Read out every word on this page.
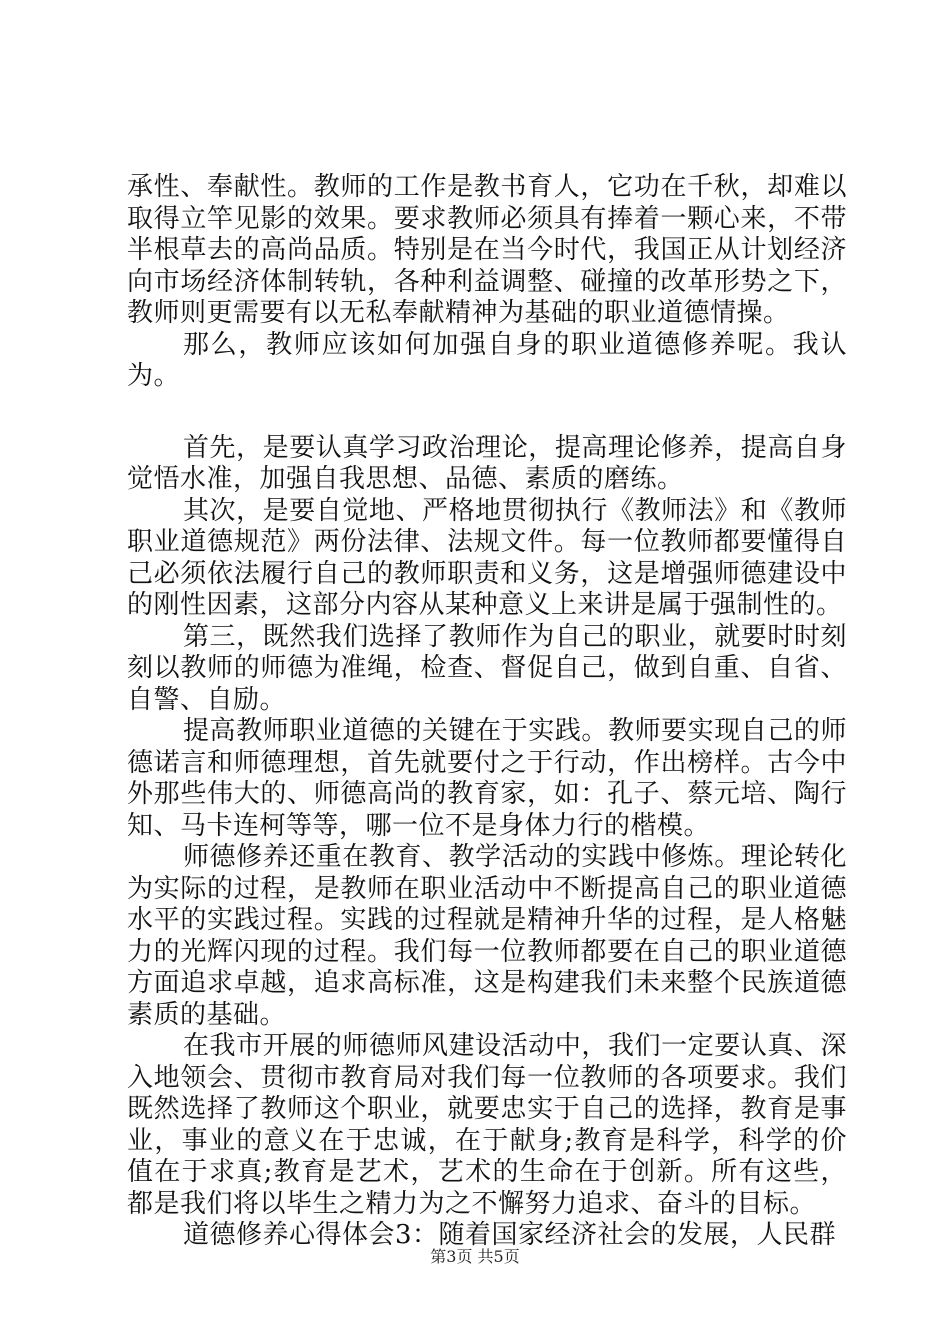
承性、奉献性。教师的工作是教书育人，它功在千秋，却难以取得立竿见影的效果。要求教师必须具有捧着一颗心来，不带半根草去的高尚品质。特别是在当今时代，我国正从计划经济向市场经济体制转轨，各种利益调整、碰撞的改革形势之下，教师则更需要有以无私奉献精神为基础的职业道德情操。

那么，教师应该如何加强自身的职业道德修养呢。我认为。

首先，是要认真学习政治理论，提高理论修养，提高自身觉悟水准，加强自我思想、品德、素质的磨练。

其次，是要自觉地、严格地贯彻执行《教师法》和《教师职业道德规范》两份法律、法规文件。每一位教师都要懂得自己必须依法履行自己的教师职责和义务，这是增强师德建设中的刚性因素，这部分内容从某种意义上来讲是属于强制性的。

第三，既然我们选择了教师作为自己的职业，就要时时刻刻以教师的师德为准绳，检查、督促自己，做到自重、自省、自警、自励。

提高教师职业道德的关键在于实践。教师要实现自己的师德诺言和师德理想，首先就要付之于行动，作出榜样。古今中外那些伟大的、师德高尚的教育家，如：孔子、蔡元培、陶行知、马卡连柯等等，哪一位不是身体力行的楷模。

师德修养还重在教育、教学活动的实践中修炼。理论转化为实际的过程，是教师在职业活动中不断提高自己的职业道德水平的实践过程。实践的过程就是精神升华的过程，是人格魅力的光辉闪现的过程。我们每一位教师都要在自己的职业道德方面追求卓越，追求高标准，这是构建我们未来整个民族道德素质的基础。

在我市开展的师德师风建设活动中，我们一定要认真、深入地领会、贯彻市教育局对我们每一位教师的各项要求。我们既然选择了教师这个职业，就要忠实于自己的选择，教育是事业，事业的意义在于忠诚，在于献身;教育是科学，科学的价值在于求真;教育是艺术，艺术的生命在于创新。所有这些，都是我们将以毕生之精力为之不懈努力追求、奋斗的目标。

道德修养心得体会3：随着国家经济社会的发展，人民群

第3页 共5页
